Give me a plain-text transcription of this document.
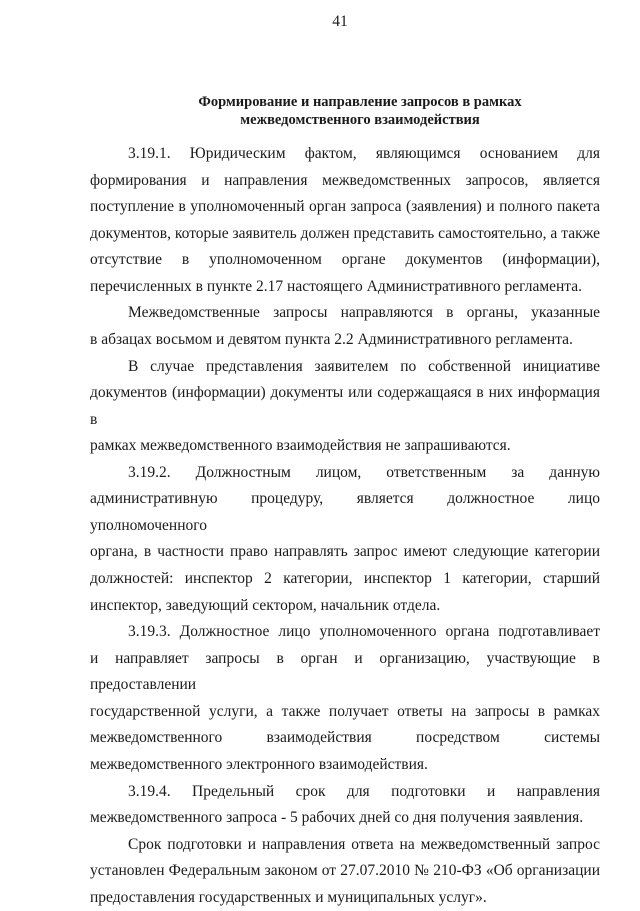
41
Формирование и направление запросов в рамках
межведомственного взаимодействия
3.19.1. Юридическим фактом, являющимся основанием для
формирования и направления межведомственных запросов, является
поступление в уполномоченный орган запроса (заявления) и полного пакета
документов, которые заявитель должен представить самостоятельно, а также
отсутствие в уполномоченном органе документов (информации),
перечисленных в пункте 2.17 настоящего Административного регламента.
Межведомственные запросы направляются в органы, указанные
в абзацах восьмом и девятом пункта 2.2 Административного регламента.
В случае представления заявителем по собственной инициативе
документов (информации) документы или содержащаяся в них информация в
рамках межведомственного взаимодействия не запрашиваются.
3.19.2. Должностным лицом, ответственным за данную
административную процедуру, является должностное лицо уполномоченного
органа, в частности право направлять запрос имеют следующие категории
должностей: инспектор 2 категории, инспектор 1 категории, старший
инспектор, заведующий сектором, начальник отдела.
3.19.3. Должностное лицо уполномоченного органа подготавливает
и направляет запросы в орган и организацию, участвующие в предоставлении
государственной услуги, а также получает ответы на запросы в рамках
межведомственного взаимодействия посредством системы
межведомственного электронного взаимодействия.
3.19.4. Предельный срок для подготовки и направления
межведомственного запроса - 5 рабочих дней со дня получения заявления.
Срок подготовки и направления ответа на межведомственный запрос
установлен Федеральным законом от 27.07.2010 № 210-ФЗ «Об организации
предоставления государственных и муниципальных услуг».
